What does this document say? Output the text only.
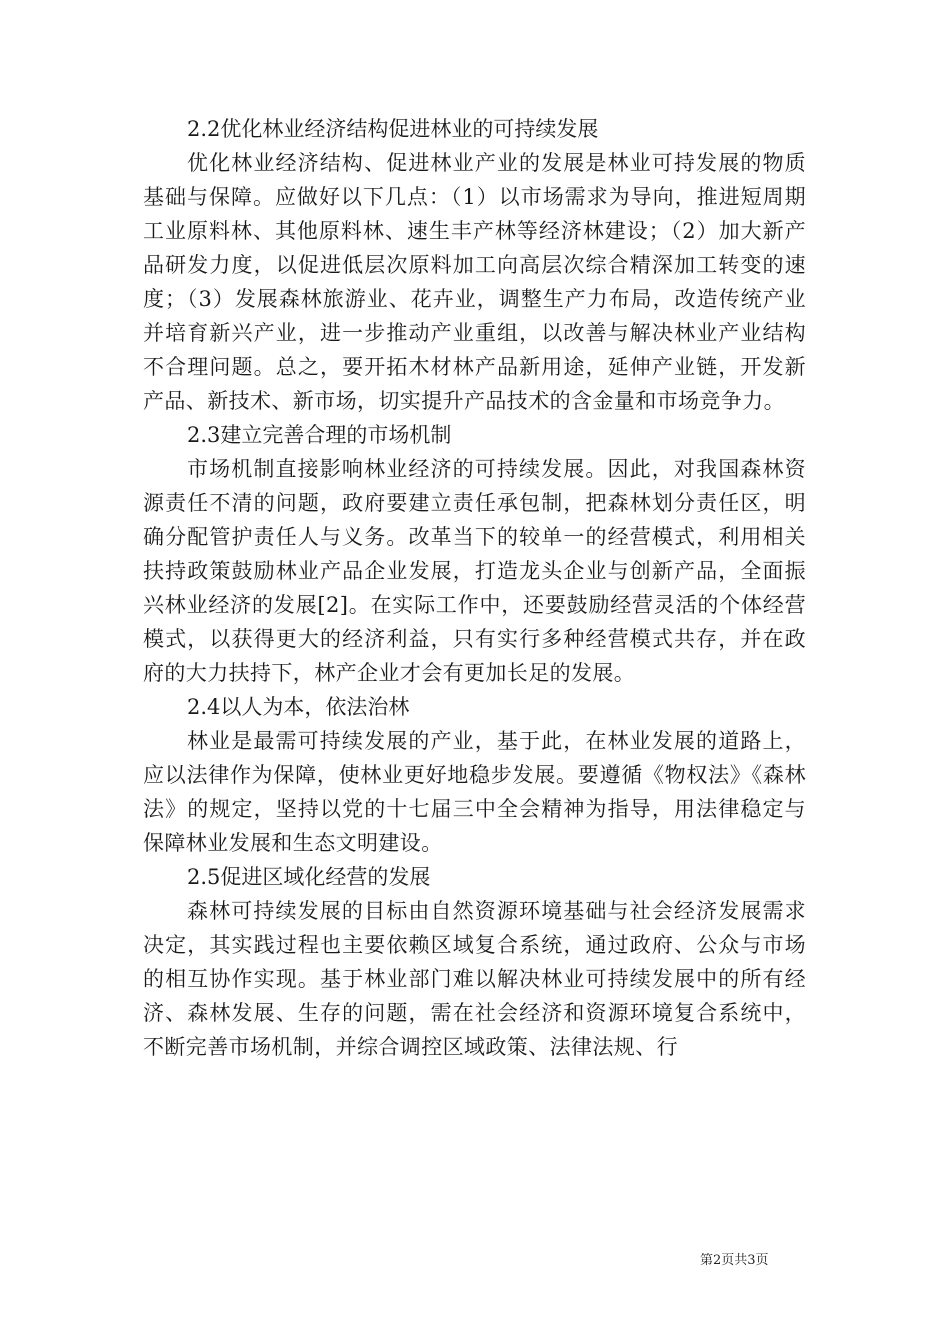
2.2优化林业经济结构促进林业的可持续发展

优化林业经济结构、促进林业产业的发展是林业可持发展的物质基础与保障。应做好以下几点：（1）以市场需求为导向，推进短周期工业原料林、其他原料林、速生丰产林等经济林建设；（2）加大新产品研发力度，以促进低层次原料加工向高层次综合精深加工转变的速度；（3）发展森林旅游业、花卉业，调整生产力布局，改造传统产业并培育新兴产业，进一步推动产业重组，以改善与解决林业产业结构不合理问题。总之，要开拓木材林产品新用途，延伸产业链，开发新产品、新技术、新市场，切实提升产品技术的含金量和市场竞争力。

2.3建立完善合理的市场机制

市场机制直接影响林业经济的可持续发展。因此，对我国森林资源责任不清的问题，政府要建立责任承包制，把森林划分责任区，明确分配管护责任人与义务。改革当下的较单一的经营模式，利用相关扶持政策鼓励林业产品企业发展，打造龙头企业与创新产品，全面振兴林业经济的发展[2]。在实际工作中，还要鼓励经营灵活的个体经营模式，以获得更大的经济利益，只有实行多种经营模式共存，并在政府的大力扶持下，林产企业才会有更加长足的发展。

2.4以人为本，依法治林

林业是最需可持续发展的产业，基于此，在林业发展的道路上，应以法律作为保障，使林业更好地稳步发展。要遵循《物权法》《森林法》的规定，坚持以党的十七届三中全会精神为指导，用法律稳定与保障林业发展和生态文明建设。

2.5促进区域化经营的发展

森林可持续发展的目标由自然资源环境基础与社会经济发展需求决定，其实践过程也主要依赖区域复合系统，通过政府、公众与市场的相互协作实现。基于林业部门难以解决林业可持续发展中的所有经济、森林发展、生存的问题，需在社会经济和资源环境复合系统中，不断完善市场机制，并综合调控区域政策、法律法规、行

第2页共3页
